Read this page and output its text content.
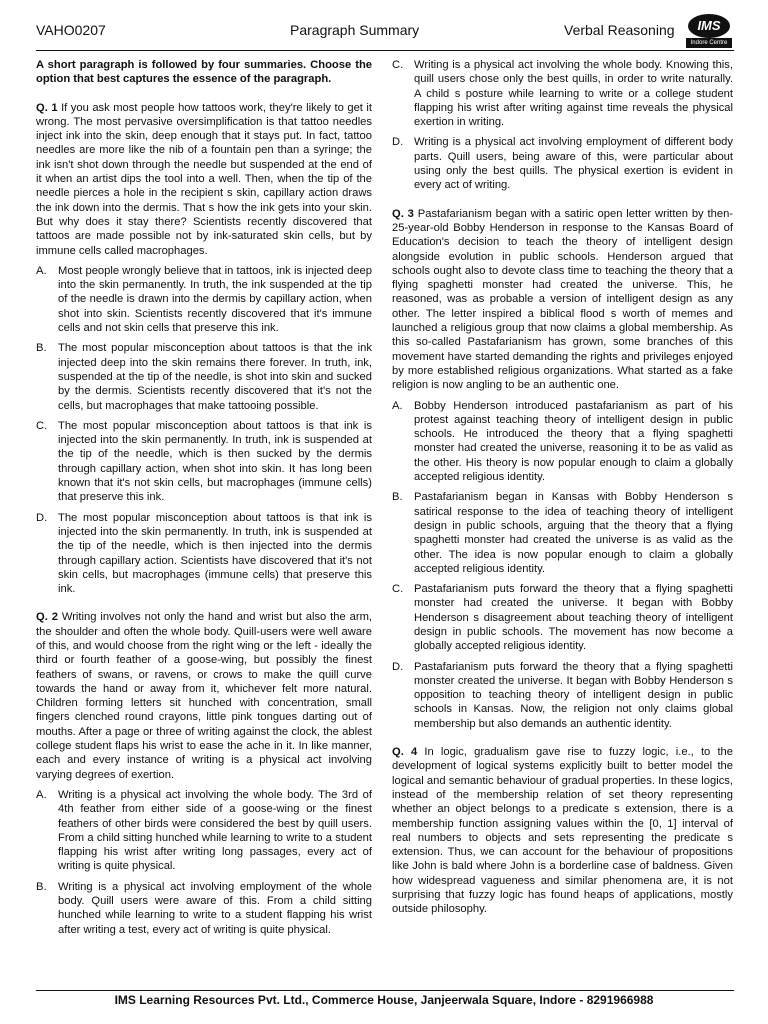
VAHO0207	Paragraph Summary	Verbal Reasoning	IMS
Indore Centre

A short paragraph is followed by four summaries. Choose the option that best captures the essence of the paragraph.

Q. 1 If you ask most people how tattoos work, they're likely to get it wrong. The most pervasive oversimplification is that tattoo needles inject ink into the skin, deep enough that it stays put. In fact, tattoo needles are more like the nib of a fountain pen than a syringe; the ink isn't shot down through the needle but suspended at the end of it when an artist dips the tool into a well. Then, when the tip of the needle pierces a hole in the recipient s skin, capillary action draws the ink down into the dermis. That s how the ink gets into your skin. But why does it stay there? Scientists recently discovered that tattoos are made possible not by ink-saturated skin cells, but by immune cells called macrophages.

A. Most people wrongly believe that in tattoos, ink is injected deep into the skin permanently. In truth, the ink suspended at the tip of the needle is drawn into the dermis by capillary action, when shot into skin. Scientists recently discovered that it's immune cells and not skin cells that preserve this ink.

B. The most popular misconception about tattoos is that the ink injected deep into the skin remains there forever. In truth, ink, suspended at the tip of the needle, is shot into skin and sucked by the dermis. Scientists recently discovered that it's not the cells, but macrophages that make tattooing possible.

C. The most popular misconception about tattoos is that ink is injected into the skin permanently. In truth, ink is suspended at the tip of the needle, which is then sucked by the dermis through capillary action, when shot into skin. It has long been known that it's not skin cells, but macrophages (immune cells) that preserve this ink.

D. The most popular misconception about tattoos is that ink is injected into the skin permanently. In truth, ink is suspended at the tip of the needle, which is then injected into the dermis through capillary action. Scientists have discovered that it's not skin cells, but macrophages (immune cells) that preserve this ink.

Q. 2 Writing involves not only the hand and wrist but also the arm, the shoulder and often the whole body. Quill-users were well aware of this, and would choose from the right wing or the left - ideally the third or fourth feather of a goose-wing, but possibly the finest feathers of swans, or ravens, or crows to make the quill curve towards the hand or away from it, whichever felt more natural. Children forming letters sit hunched with concentration, small fingers clenched round crayons, little pink tongues darting out of mouths. After a page or three of writing against the clock, the ablest college student flaps his wrist to ease the ache in it. In like manner, each and every instance of writing is a physical act involving varying degrees of exertion.

A. Writing is a physical act involving the whole body. The 3rd of 4th feather from either side of a goose-wing or the finest feathers of other birds were considered the best by quill users. From a child sitting hunched while learning to write to a student flapping his wrist after writing long passages, every act of writing is quite physical.

B. Writing is a physical act involving employment of the whole body. Quill users were aware of this. From a child sitting hunched while learning to write to a student flapping his wrist after writing a test, every act of writing is quite physical.

C. Writing is a physical act involving the whole body. Knowing this, quill users chose only the best quills, in order to write naturally. A child s posture while learning to write or a college student flapping his wrist after writing against time reveals the physical exertion in writing.

D. Writing is a physical act involving employment of different body parts. Quill users, being aware of this, were particular about using only the best quills. The physical exertion is evident in every act of writing.

Q. 3 Pastafarianism began with a satiric open letter written by then-25-year-old Bobby Henderson in response to the Kansas Board of Education's decision to teach the theory of intelligent design alongside evolution in public schools. Henderson argued that schools ought also to devote class time to teaching the theory that a flying spaghetti monster had created the universe. This, he reasoned, was as probable a version of intelligent design as any other. The letter inspired a biblical flood s worth of memes and launched a religious group that now claims a global membership. As this so-called Pastafarianism has grown, some branches of this movement have started demanding the rights and privileges enjoyed by more established religious organizations. What started as a fake religion is now angling to be an authentic one.

A. Bobby Henderson introduced pastafarianism as part of his protest against teaching theory of intelligent design in public schools. He introduced the theory that a flying spaghetti monster had created the universe, reasoning it to be as valid as the other. His theory is now popular enough to claim a globally accepted religious identity.

B. Pastafarianism began in Kansas with Bobby Henderson s satirical response to the idea of teaching theory of intelligent design in public schools, arguing that the theory that a flying spaghetti monster had created the universe is as valid as the other. The idea is now popular enough to claim a globally accepted religious identity.

C. Pastafarianism puts forward the theory that a flying spaghetti monster had created the universe. It began with Bobby Henderson s disagreement about teaching theory of intelligent design in public schools. The movement has now become a globally accepted religious identity.

D. Pastafarianism puts forward the theory that a flying spaghetti monster created the universe. It began with Bobby Henderson s opposition to teaching theory of intelligent design in public schools in Kansas. Now, the religion not only claims global membership but also demands an authentic identity.

Q. 4 In logic, gradualism gave rise to fuzzy logic, i.e., to the development of logical systems explicitly built to better model the logical and semantic behaviour of gradual properties. In these logics, instead of the membership relation of set theory representing whether an object belongs to a predicate s extension, there is a membership function assigning values within the [0, 1] interval of real numbers to objects and sets representing the predicate s extension. Thus, we can account for the behaviour of propositions like John is bald where John is a borderline case of baldness. Given how widespread vagueness and similar phenomena are, it is not surprising that fuzzy logic has found heaps of applications, mostly outside philosophy.

IMS Learning Resources Pvt. Ltd., Commerce House, Janjeerwala Square, Indore - 8291966988
